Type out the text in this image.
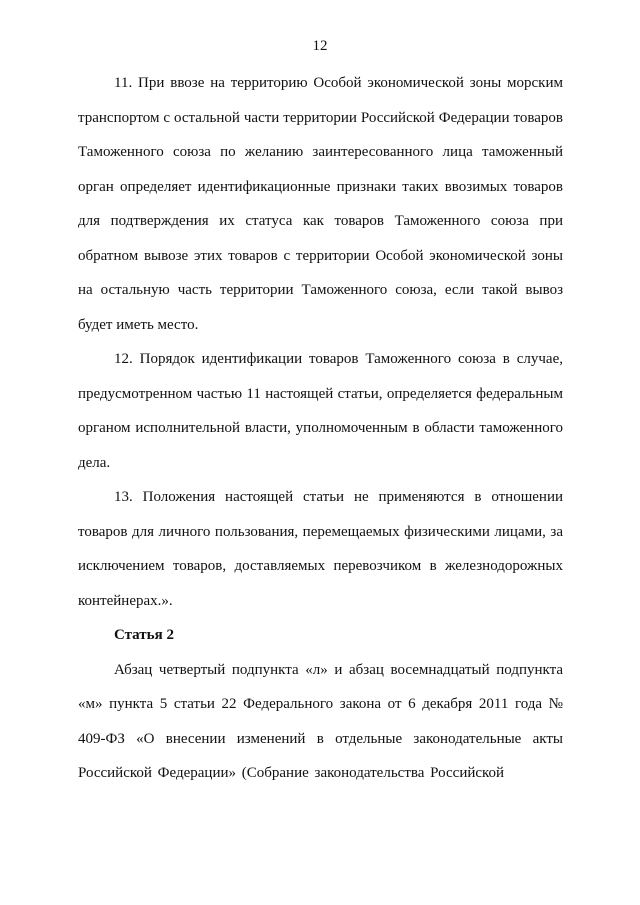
12

11. При ввозе на территорию Особой экономической зоны морским транспортом с остальной части территории Российской Федерации товаров Таможенного союза по желанию заинтересованного лица таможенный орган определяет идентификационные признаки таких ввозимых товаров для подтверждения их статуса как товаров Таможенного союза при обратном вывозе этих товаров с территории Особой экономической зоны на остальную часть территории Таможенного союза, если такой вывоз будет иметь место.

12. Порядок идентификации товаров Таможенного союза в случае, предусмотренном частью 11 настоящей статьи, определяется федеральным органом исполнительной власти, уполномоченным в области таможенного дела.

13. Положения настоящей статьи не применяются в отношении товаров для личного пользования, перемещаемых физическими лицами, за исключением товаров, доставляемых перевозчиком в железнодорожных контейнерах.».

Статья 2

Абзац четвертый подпункта «л» и абзац восемнадцатый подпункта «м» пункта 5 статьи 22 Федерального закона от 6 декабря 2011 года № 409-ФЗ «О внесении изменений в отдельные законодательные акты Российской Федерации» (Собрание законодательства Российской
